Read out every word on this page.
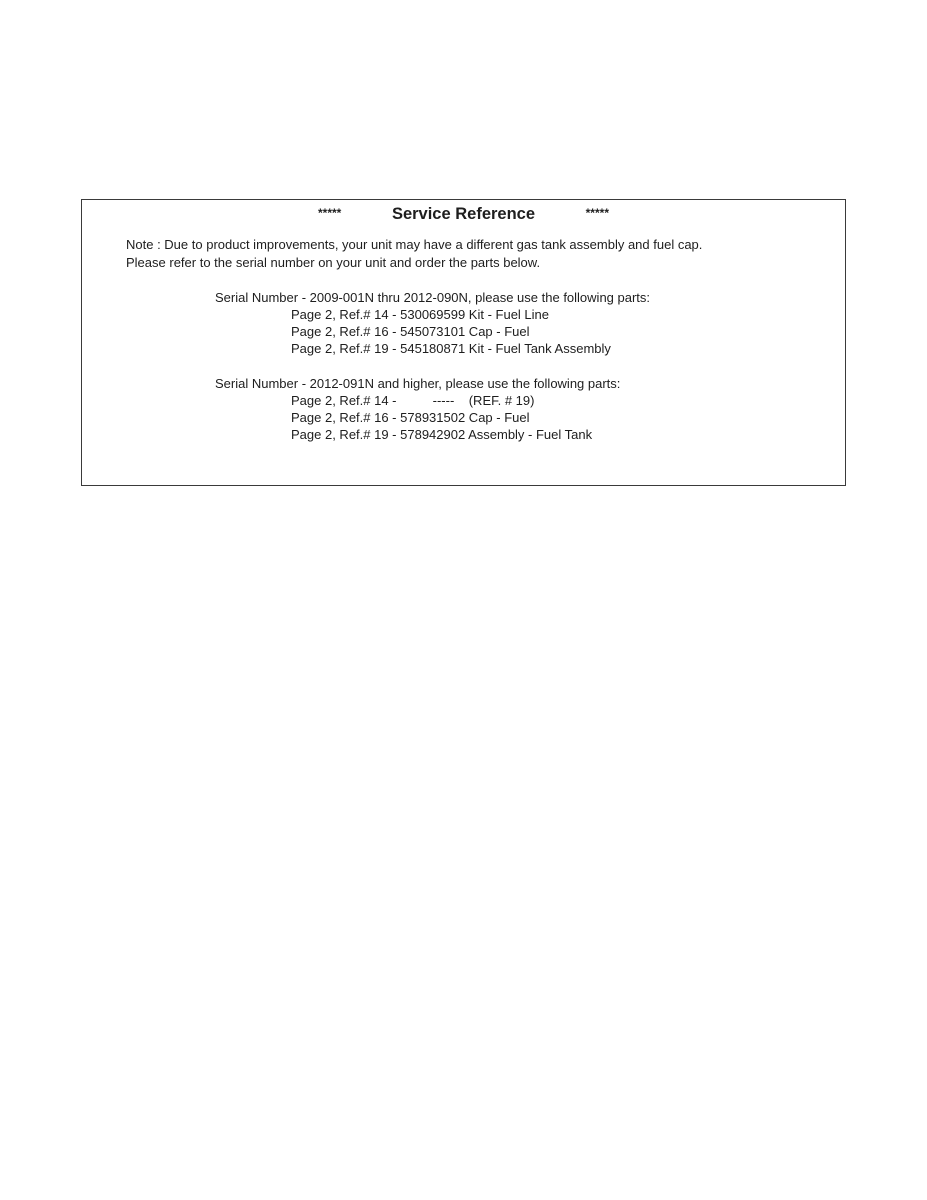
*****	Service Reference	*****
Note : Due to product improvements, your unit may have a different gas tank assembly and fuel cap.
Please refer to the serial number on your unit and order the parts below.
Serial Number - 2009-001N thru 2012-090N, please use the following parts:
Page 2, Ref.# 14 - 530069599 Kit - Fuel Line
Page 2, Ref.# 16 - 545073101 Cap - Fuel
Page 2, Ref.# 19 - 545180871 Kit - Fuel Tank Assembly
Serial Number - 2012-091N and higher, please use the following parts:
Page 2, Ref.# 14 -          -----    (REF. # 19)
Page 2, Ref.# 16 - 578931502 Cap - Fuel
Page 2, Ref.# 19 - 578942902 Assembly - Fuel Tank
